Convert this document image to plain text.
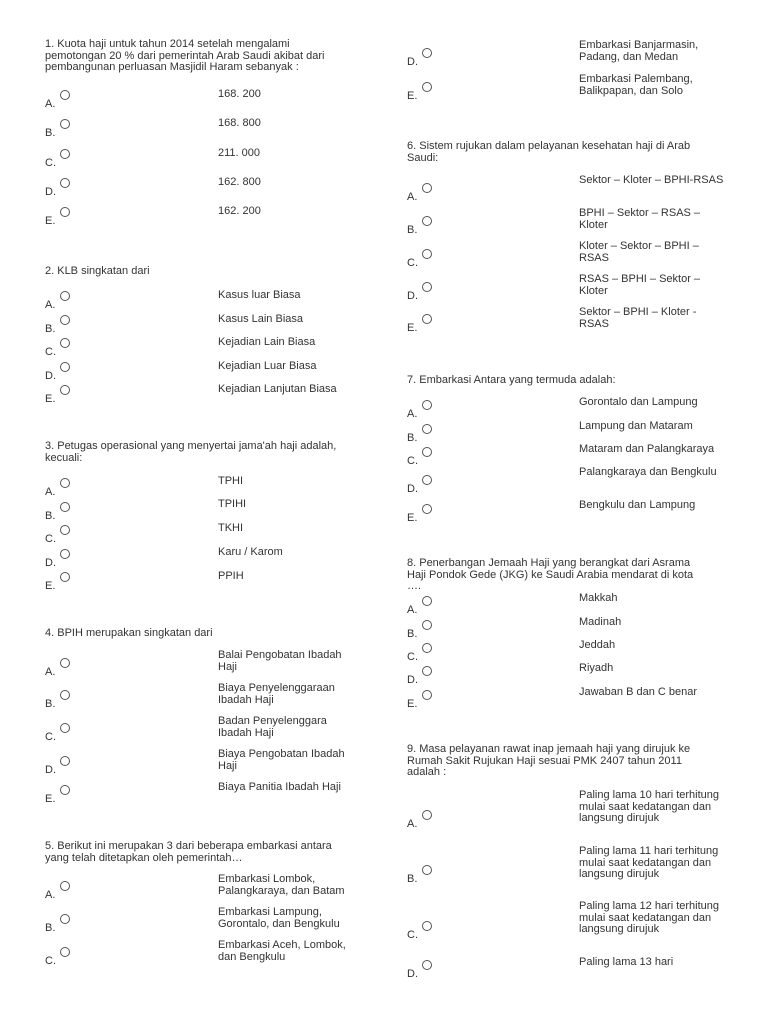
1. Kuota haji untuk tahun 2014 setelah mengalami pemotongan 20 % dari pemerintah Arab Saudi akibat dari pembangunan perluasan Masjidil Haram sebanyak :

A.

168. 200

B.

168. 800

C.

211. 000

D.

162. 800

E.

162. 200

2. KLB singkatan dari

A.

Kasus luar Biasa

B.

Kasus Lain Biasa

C.

Kejadian Lain Biasa

D.

Kejadian Luar Biasa

E.

Kejadian Lanjutan Biasa

3. Petugas operasional yang menyertai jama'ah haji adalah, kecuali:

A.

TPHI

B.

TPIHI

C.

TKHI

D.

Karu / Karom

E.

PPIH

4. BPIH merupakan singkatan dari

A.

Balai Pengobatan Ibadah Haji

B.

Biaya Penyelenggaraan Ibadah Haji

C.

Badan Penyelenggara Ibadah Haji

D.

Biaya Pengobatan Ibadah Haji

E.

Biaya Panitia Ibadah Haji

5. Berikut ini merupakan 3 dari beberapa embarkasi antara yang telah ditetapkan oleh pemerintah…

A.

Embarkasi Lombok, Palangkaraya, dan Batam

B.

Embarkasi Lampung, Gorontalo, dan Bengkulu

C.

Embarkasi Aceh, Lombok, dan Bengkulu

D.

Embarkasi Banjarmasin, Padang, dan Medan

E.

Embarkasi Palembang, Balikpapan, dan Solo

6. Sistem rujukan dalam pelayanan kesehatan haji di Arab Saudi:

A.

Sektor – Kloter – BPHI-RSAS

B.

BPHI – Sektor – RSAS – Kloter

C.

Kloter – Sektor – BPHI – RSAS

D.

RSAS – BPHI – Sektor – Kloter

E.

Sektor – BPHI – Kloter - RSAS

7. Embarkasi Antara yang termuda adalah:

A.

Gorontalo dan Lampung

B.

Lampung dan Mataram

C.

Mataram dan Palangkaraya

D.

Palangkaraya dan Bengkulu

E.

Bengkulu dan Lampung

8. Penerbangan Jemaah Haji yang berangkat dari Asrama Haji Pondok Gede (JKG) ke Saudi Arabia mendarat di kota ….

A.

Makkah

B.

Madinah

C.

Jeddah

D.

Riyadh

E.

Jawaban B dan C benar

9. Masa pelayanan rawat inap jemaah haji yang dirujuk ke Rumah Sakit Rujukan Haji sesuai PMK 2407 tahun 2011 adalah :

A.

Paling lama 10 hari terhitung mulai saat kedatangan dan langsung dirujuk

B.

Paling lama 11 hari terhitung mulai saat kedatangan dan langsung dirujuk

C.

Paling lama 12 hari terhitung mulai saat kedatangan dan langsung dirujuk

D.

Paling lama 13 hari
